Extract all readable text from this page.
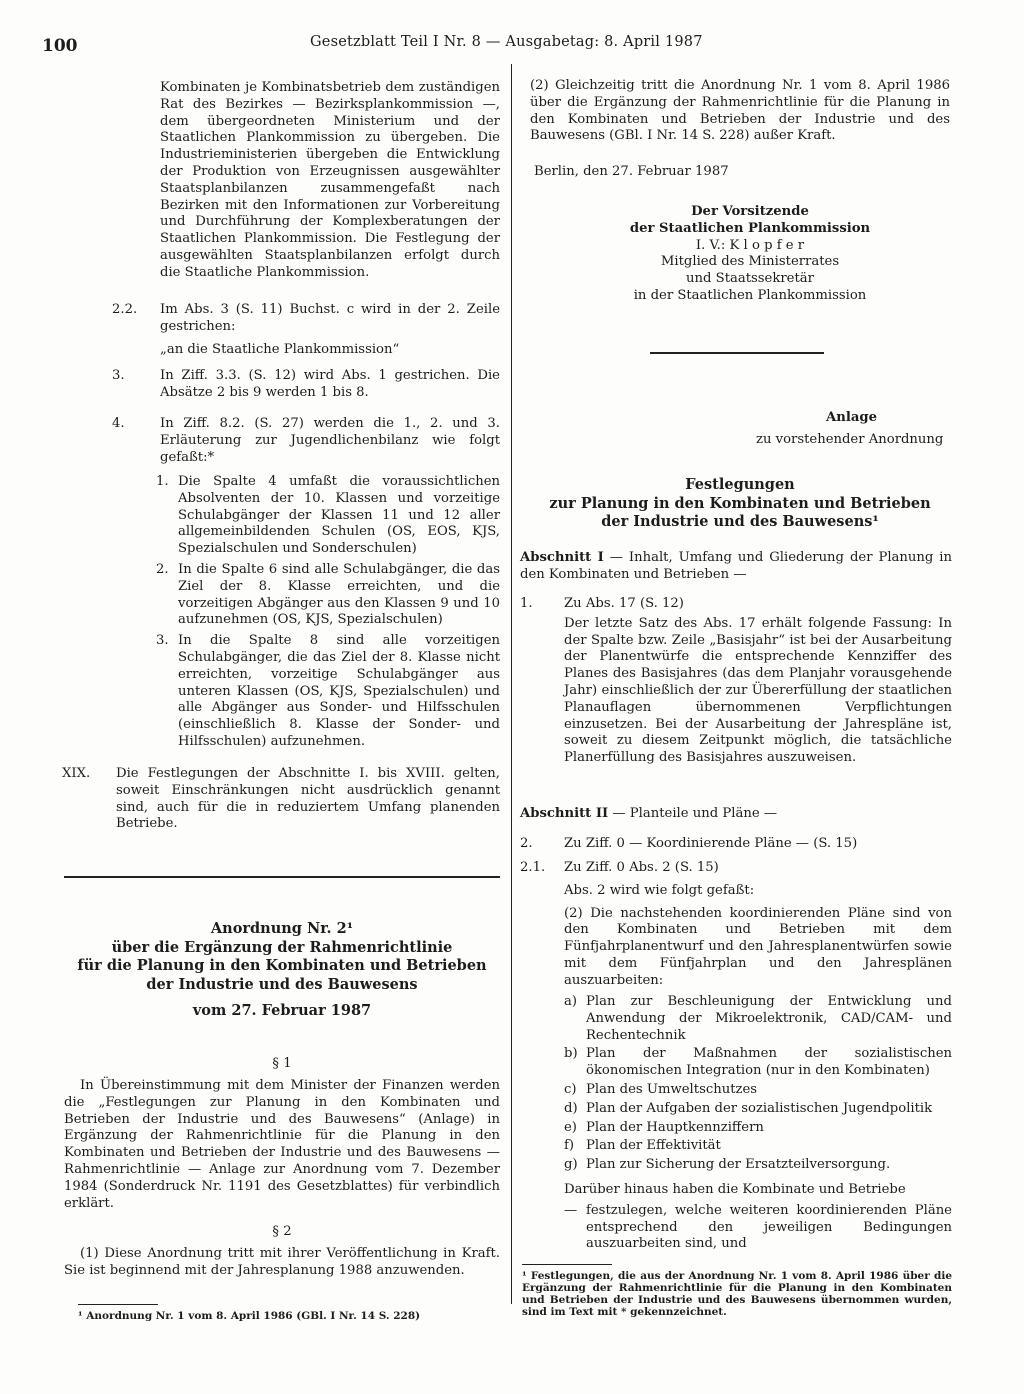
100	Gesetzblatt Teil I Nr. 8 — Ausgabetag: 8. April 1987

Kombinaten je Kombinatsbetrieb dem zuständigen Rat des Bezirkes — Bezirksplankommission —, dem übergeordneten Ministerium und der Staatlichen Plankommission zu übergeben. Die Industrieministerien übergeben die Entwicklung der Produktion von Erzeugnissen ausgewählter Staatsplanbilanzen zusammengefaßt nach Bezirken mit den Informationen zur Vorbereitung und Durchführung der Komplexberatungen der Staatlichen Plankommission. Die Festlegung der ausgewählten Staatsplanbilanzen erfolgt durch die Staatliche Plankommission.

2.2.	Im Abs. 3 (S. 11) Buchst. c wird in der 2. Zeile gestrichen:

„an die Staatliche Plankommission“

3.	In Ziff. 3.3. (S. 12) wird Abs. 1 gestrichen. Die Absätze 2 bis 9 werden 1 bis 8.

4.	In Ziff. 8.2. (S. 27) werden die 1., 2. und 3. Erläuterung zur Jugendlichenbilanz wie folgt gefaßt:*

1. Die Spalte 4 umfaßt die voraussichtlichen Absolventen der 10. Klassen und vorzeitige Schulabgänger der Klassen 11 und 12 aller allgemeinbildenden Schulen (OS, EOS, KJS, Spezialschulen und Sonderschulen)

2. In die Spalte 6 sind alle Schulabgänger, die das Ziel der 8. Klasse erreichten, und die vorzeitigen Abgänger aus den Klassen 9 und 10 aufzunehmen (OS, KJS, Spezialschulen)

3. In die Spalte 8 sind alle vorzeitigen Schulabgänger, die das Ziel der 8. Klasse nicht erreichten, vorzeitige Schulabgänger aus unteren Klassen (OS, KJS, Spezialschulen) und alle Abgänger aus Sonder- und Hilfsschulen (einschließlich 8. Klasse der Sonder- und Hilfsschulen) aufzunehmen.

XIX.	Die Festlegungen der Abschnitte I. bis XVIII. gelten, soweit Einschränkungen nicht ausdrücklich genannt sind, auch für die in reduziertem Umfang planenden Betriebe.

Anordnung Nr. 2¹
über die Ergänzung der Rahmenrichtlinie
für die Planung in den Kombinaten und Betrieben
der Industrie und des Bauwesens
vom 27. Februar 1987
§ 1

In Übereinstimmung mit dem Minister der Finanzen werden die „Festlegungen zur Planung in den Kombinaten und Betrieben der Industrie und des Bauwesens“ (Anlage) in Ergänzung der Rahmenrichtlinie für die Planung in den Kombinaten und Betrieben der Industrie und des Bauwesens — Rahmenrichtlinie — Anlage zur Anordnung vom 7. Dezember 1984 (Sonderdruck Nr. 1191 des Gesetzblattes) für verbindlich erklärt.

§ 2

(1) Diese Anordnung tritt mit ihrer Veröffentlichung in Kraft. Sie ist beginnend mit der Jahresplanung 1988 anzuwenden.

¹ Anordnung Nr. 1 vom 8. April 1986 (GBl. I Nr. 14 S. 228)

(2) Gleichzeitig tritt die Anordnung Nr. 1 vom 8. April 1986 über die Ergänzung der Rahmenrichtlinie für die Planung in den Kombinaten und Betrieben der Industrie und des Bauwesens (GBl. I Nr. 14 S. 228) außer Kraft.

Berlin, den 27. Februar 1987
Der Vorsitzende
der Staatlichen Plankommission
I. V.: K l o p f e r
Mitglied des Ministerrates
und Staatssekretär
in der Staatlichen Plankommission
Anlage
zu vorstehender Anordnung
Festlegungen
zur Planung in den Kombinaten und Betrieben
der Industrie und des Bauwesens¹

Abschnitt I — Inhalt, Umfang und Gliederung der Planung in den Kombinaten und Betrieben —

1.	Zu Abs. 17 (S. 12)

Der letzte Satz des Abs. 17 erhält folgende Fassung: In der Spalte bzw. Zeile „Basisjahr“ ist bei der Ausarbeitung der Planentwürfe die entsprechende Kennziffer des Planes des Basisjahres (das dem Planjahr vorausgehende Jahr) einschließlich der zur Übererfüllung der staatlichen Planauflagen übernommenen Verpflichtungen einzusetzen. Bei der Ausarbeitung der Jahrespläne ist, soweit zu diesem Zeitpunkt möglich, die tatsächliche Planerfüllung des Basisjahres auszuweisen.

Abschnitt II — Planteile und Pläne —

2.	Zu Ziff. 0 — Koordinierende Pläne — (S. 15)

2.1.	Zu Ziff. 0 Abs. 2 (S. 15)

Abs. 2 wird wie folgt gefaßt:

(2) Die nachstehenden koordinierenden Pläne sind von den Kombinaten und Betrieben mit dem Fünfjahrplanentwurf und den Jahresplanentwürfen sowie mit dem Fünfjahrplan und den Jahresplänen auszuarbeiten:

a) Plan zur Beschleunigung der Entwicklung und Anwendung der Mikroelektronik, CAD/CAM- und Rechentechnik

b) Plan der Maßnahmen der sozialistischen ökonomischen Integration (nur in den Kombinaten)

c) Plan des Umweltschutzes

d) Plan der Aufgaben der sozialistischen Jugendpolitik

e) Plan der Hauptkennziffern

f) Plan der Effektivität

g) Plan zur Sicherung der Ersatzteilversorgung.

Darüber hinaus haben die Kombinate und Betriebe

— festzulegen, welche weiteren koordinierenden Pläne entsprechend den jeweiligen Bedingungen auszuarbeiten sind, und

¹ Festlegungen, die aus der Anordnung Nr. 1 vom 8. April 1986 über die Ergänzung der Rahmenrichtlinie für die Planung in den Kombinaten und Betrieben der Industrie und des Bauwesens übernommen wurden, sind im Text mit * gekennzeichnet.
